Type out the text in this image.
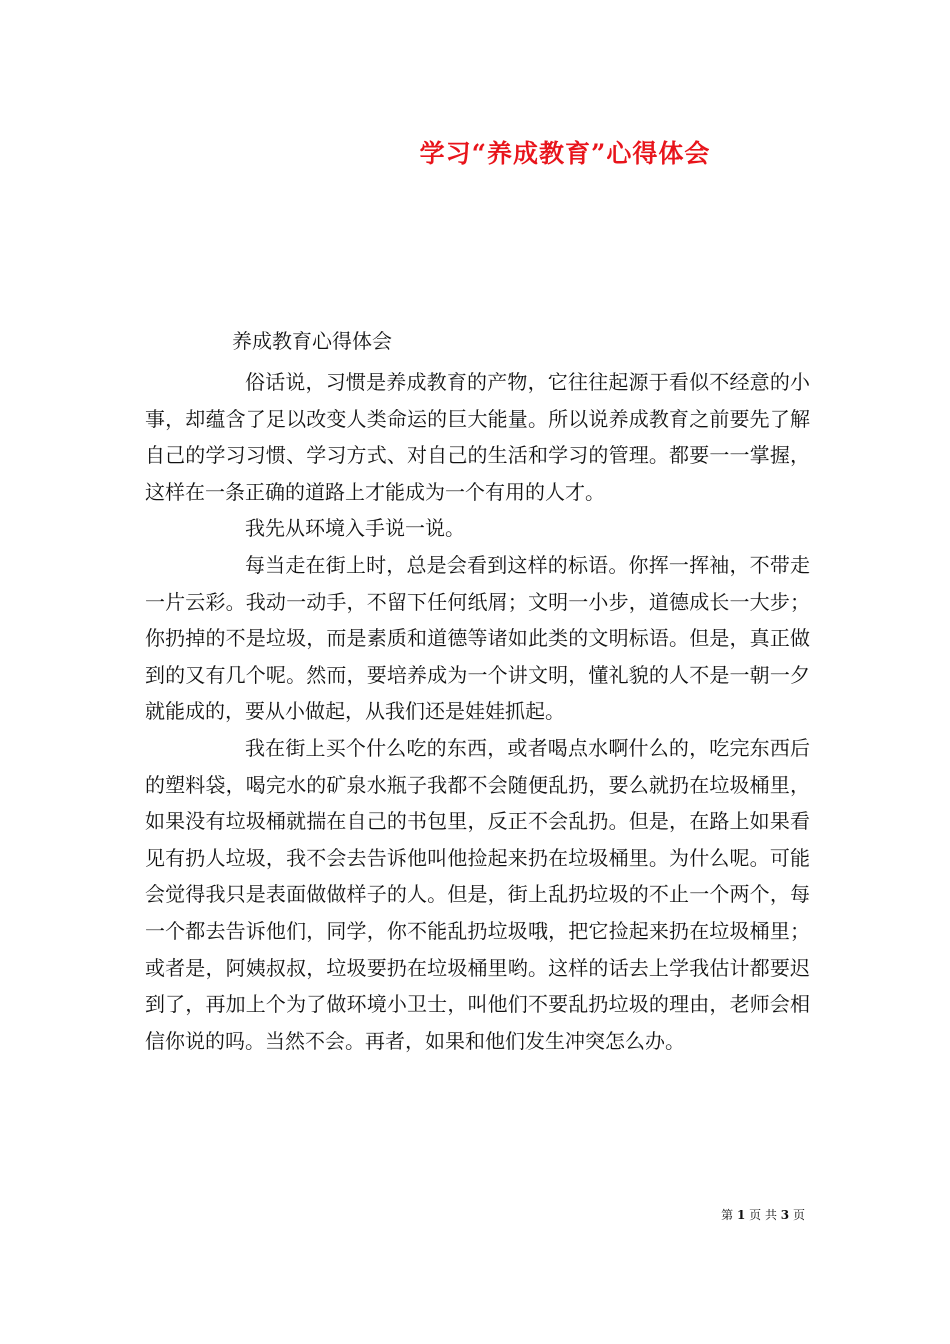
学习“养成教育”心得体会
养成教育心得体会

俗话说，习惯是养成教育的产物，它往往起源于看似不经意的小事，却蕴含了足以改变人类命运的巨大能量。所以说养成教育之前要先了解自己的学习习惯、学习方式、对自己的生活和学习的管理。都要一一掌握，这样在一条正确的道路上才能成为一个有用的人才。

我先从环境入手说一说。

每当走在街上时，总是会看到这样的标语。你挥一挥袖，不带走一片云彩。我动一动手，不留下任何纸屑；文明一小步，道德成长一大步；你扔掉的不是垃圾，而是素质和道德等诸如此类的文明标语。但是，真正做到的又有几个呢。然而，要培养成为一个讲文明，懂礼貌的人不是一朝一夕就能成的，要从小做起，从我们还是娃娃抓起。

我在街上买个什么吃的东西，或者喝点水啊什么的，吃完东西后的塑料袋，喝完水的矿泉水瓶子我都不会随便乱扔，要么就扔在垃圾桶里，如果没有垃圾桶就揣在自己的书包里，反正不会乱扔。但是，在路上如果看见有扔人垃圾，我不会去告诉他叫他捡起来扔在垃圾桶里。为什么呢。可能会觉得我只是表面做做样子的人。但是，街上乱扔垃圾的不止一个两个，每一个都去告诉他们，同学，你不能乱扔垃圾哦，把它捡起来扔在垃圾桶里；或者是，阿姨叔叔，垃圾要扔在垃圾桶里哟。这样的话去上学我估计都要迟到了，再加上个为了做环境小卫士，叫他们不要乱扔垃圾的理由，老师会相信你说的吗。当然不会。再者，如果和他们发生冲突怎么办。

第 1 页 共 3 页
